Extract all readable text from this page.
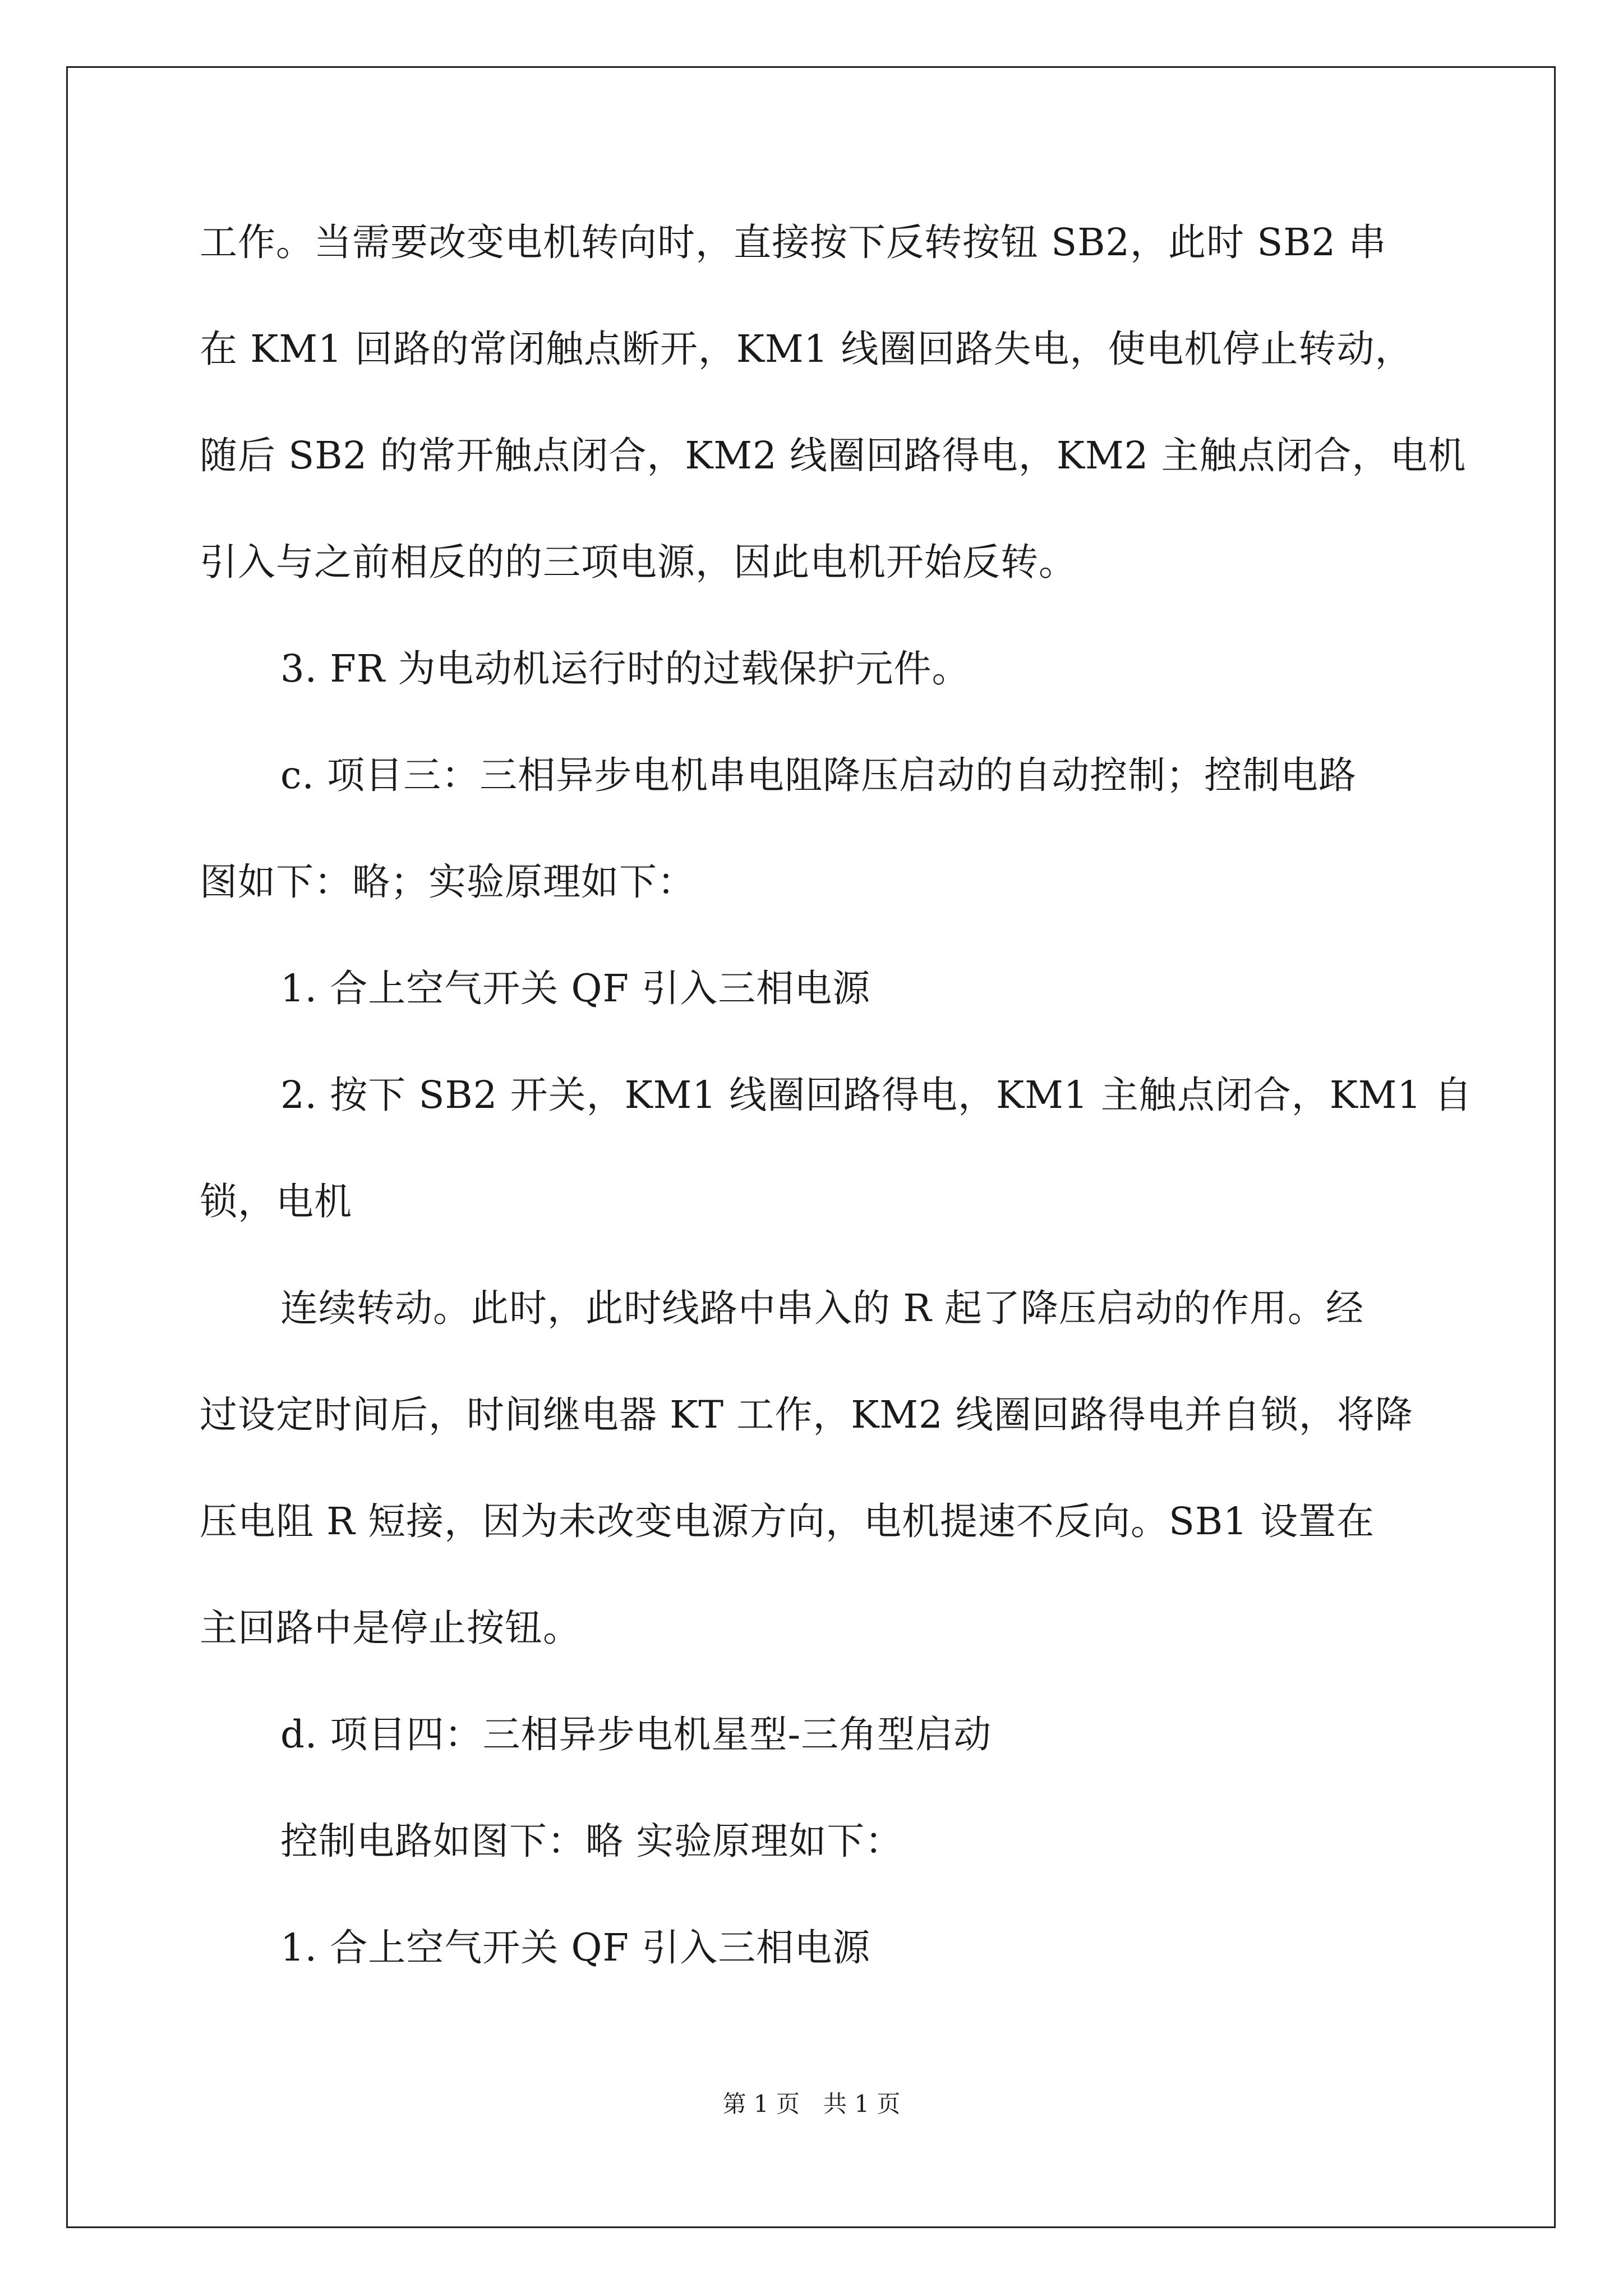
工作。当需要改变电机转向时，直接按下反转按钮 SB2，此时 SB2 串
在 KM1 回路的常闭触点断开，KM1 线圈回路失电，使电机停止转动，
随后 SB2 的常开触点闭合，KM2 线圈回路得电，KM2 主触点闭合，电机
引入与之前相反的的三项电源，因此电机开始反转。
3. FR 为电动机运行时的过载保护元件。
c. 项目三：三相异步电机串电阻降压启动的自动控制；控制电路
图如下：略；实验原理如下：
1. 合上空气开关 QF 引入三相电源
2. 按下 SB2 开关，KM1 线圈回路得电，KM1 主触点闭合，KM1 自
锁，电机
连续转动。此时，此时线路中串入的 R 起了降压启动的作用。经
过设定时间后，时间继电器 KT 工作，KM2 线圈回路得电并自锁，将降
压电阻 R 短接，因为未改变电源方向，电机提速不反向。SB1 设置在
主回路中是停止按钮。
d. 项目四：三相异步电机星型-三角型启动
控制电路如图下：略 实验原理如下：
1. 合上空气开关 QF 引入三相电源
第 1 页　共 1 页
